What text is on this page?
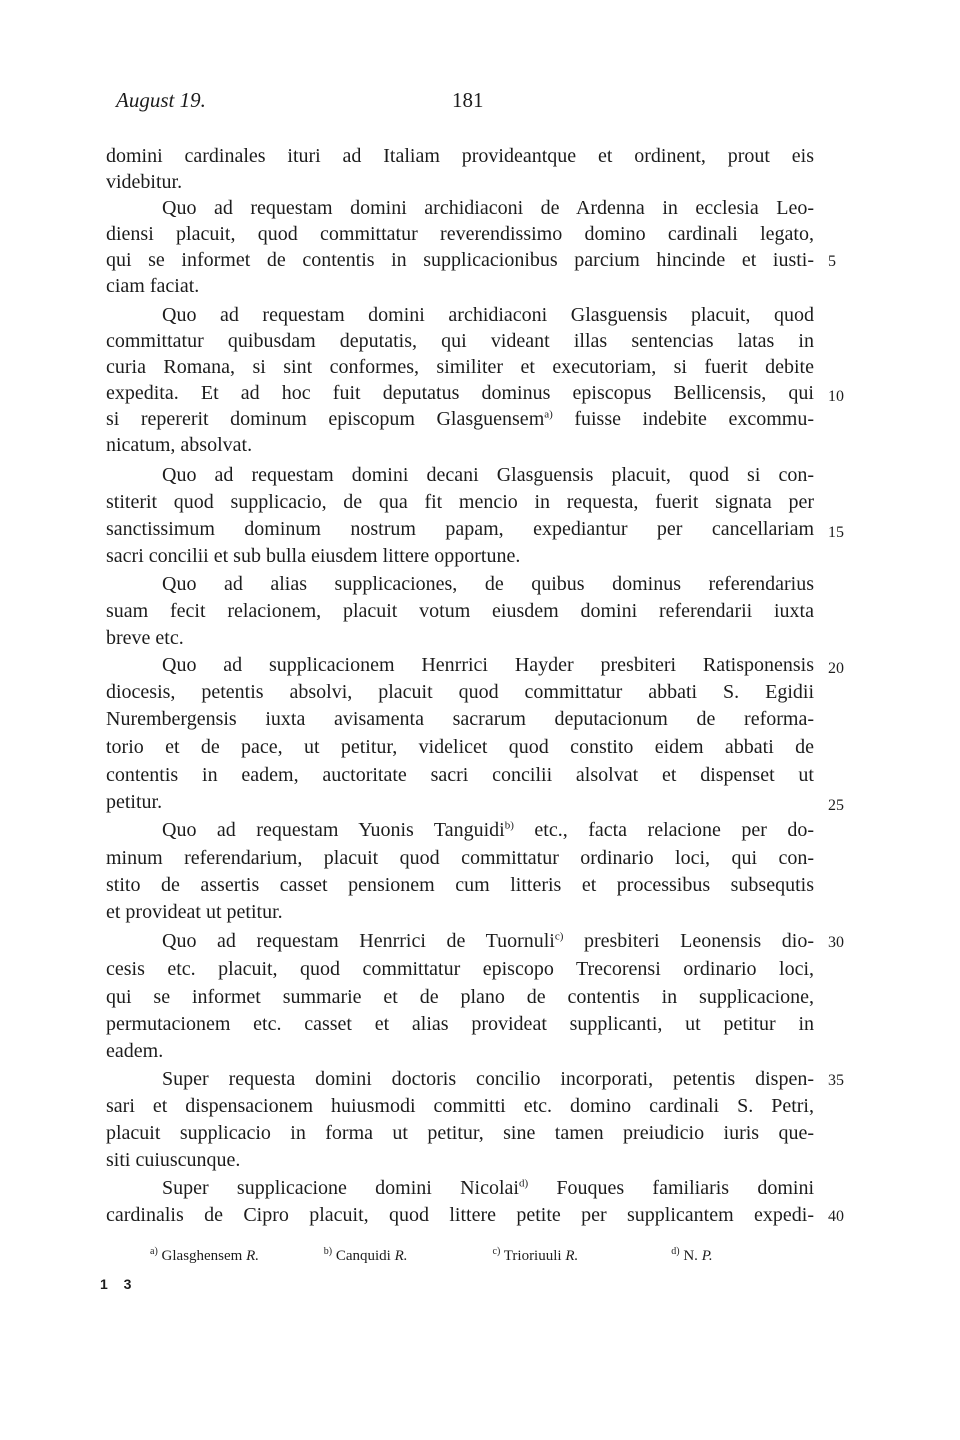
August 19.	181
domini cardinales ituri ad Italiam provideantque et ordinent, prout eis
videbitur.
Quo ad requestam domini archidiaconi de Ardenna in ecclesia Leo-
diensi placuit, quod committatur reverendissimo domino cardinali legato,
qui se informet de contentis in supplicacionibus parcium hincinde et iusti-
ciam faciat.
Quo ad requestam domini archidiaconi Glasguensis placuit, quod
committatur quibusdam deputatis, qui videant illas sentencias latas in
curia Romana, si sint conformes, similiter et executoriam, si fuerit debite
expedita. Et ad hoc fuit deputatus dominus episcopus Bellicensis, qui
si repererit dominum episcopum Glasguensem$^{a)}$ fuisse indebite excommu-
nicatum, absolvat.
Quo ad requestam domini decani Glasguensis placuit, quod si con-
stiterit quod supplicacio, de qua fit mencio in requesta, fuerit signata per
sanctissimum dominum nostrum papam, expediantur per cancellariam
sacri concilii et sub bulla eiusdem littere opportune.
Quo ad alias supplicaciones, de quibus dominus referendarius
suam fecit relacionem, placuit votum eiusdem domini referendarii iuxta
breve etc.
Quo ad supplicacionem Henrrici Hayder presbiteri Ratisponensis
diocesis, petentis absolvi, placuit quod committatur abbati S. Egidii
Nurembergensis iuxta avisamenta sacrarum deputacionum de reforma-
torio et de pace, ut petitur, videlicet quod constito eidem abbati de
contentis in eadem, auctoritate sacri concilii alsolvat et dispenset ut
petitur.
Quo ad requestam Yuonis Tanguidi$^{b)}$ etc., facta relacione per do-
minum referendarium, placuit quod committatur ordinario loci, qui con-
stito de assertis casset pensionem cum litteris et processibus subsequtis
et provideat ut petitur.
Quo ad requestam Henrrici de Tuornuli$^{c)}$ presbiteri Leonensis dio-
cesis etc. placuit, quod committatur episcopo Trecorensi ordinario loci,
qui se informet summarie et de plano de contentis in supplicacione,
permutacionem etc. casset et alias provideat supplicanti, ut petitur in
eadem.
Super requesta domini doctoris concilio incorporati, petentis dispen-
sari et dispensacionem huiusmodi committi etc. domino cardinali S. Petri,
placuit supplicacio in forma ut petitur, sine tamen preiudicio iuris que-
siti cuiuscunque.
Super supplicacione domini Nicolai$^{d)}$ Fouques familiaris domini
cardinalis de Cipro placuit, quod littere petite per supplicantem expedi-
5
10
15
20
25
30
35
40
$^{a)}$ Glasghensem R.	$^{b)}$ Canquidi R.	$^{c)}$ Trioriuuli R.	$^{d)}$ N. P.
1 3
